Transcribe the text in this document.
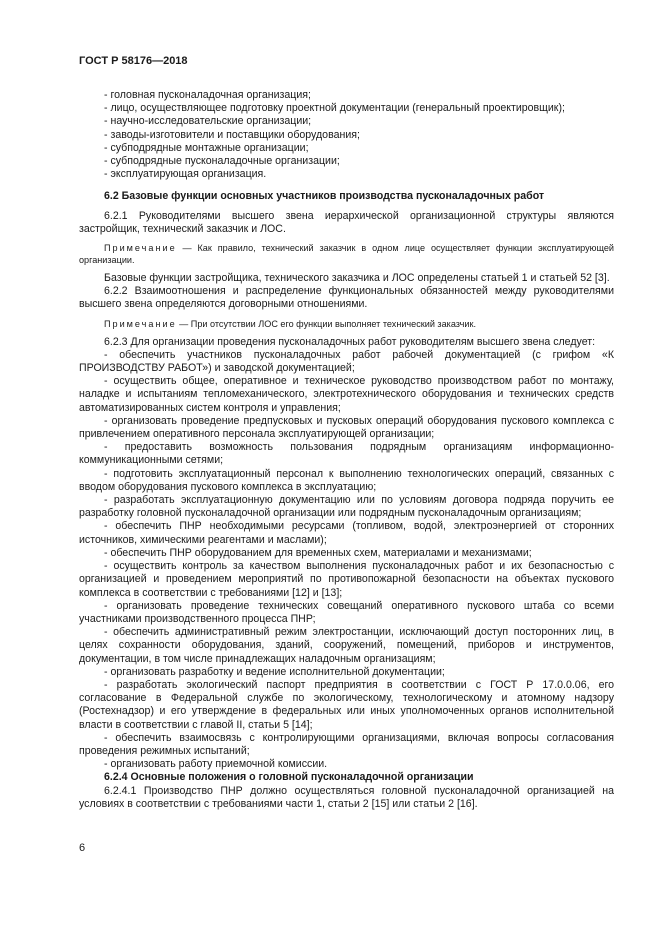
ГОСТ Р 58176—2018
- головная пусконаладочная организация;
- лицо, осуществляющее подготовку проектной документации (генеральный проектировщик);
- научно-исследовательские организации;
- заводы-изготовители и поставщики оборудования;
- субподрядные монтажные организации;
- субподрядные пусконаладочные организации;
- эксплуатирующая организация.
6.2 Базовые функции основных участников производства пусконаладочных работ
6.2.1 Руководителями высшего звена иерархической организационной структуры являются застройщик, технический заказчик и ЛОС.
Примечание — Как правило, технический заказчик в одном лице осуществляет функции эксплуатирующей организации.
Базовые функции застройщика, технического заказчика и ЛОС определены статьей 1 и статьей 52 [3].
6.2.2 Взаимоотношения и распределение функциональных обязанностей между руководителями высшего звена определяются договорными отношениями.
Примечание — При отсутствии ЛОС его функции выполняет технический заказчик.
6.2.3 Для организации проведения пусконаладочных работ руководителям высшего звена следует:
- обеспечить участников пусконаладочных работ рабочей документацией (с грифом «К ПРОИЗВОДСТВУ РАБОТ») и заводской документацией;
- осуществить общее, оперативное и техническое руководство производством работ по монтажу, наладке и испытаниям тепломеханического, электротехнического оборудования и технических средств автоматизированных систем контроля и управления;
- организовать проведение предпусковых и пусковых операций оборудования пускового комплекса с привлечением оперативного персонала эксплуатирующей организации;
- предоставить возможность пользования подрядным организациям информационно-коммуникационными сетями;
- подготовить эксплуатационный персонал к выполнению технологических операций, связанных с вводом оборудования пускового комплекса в эксплуатацию;
- разработать эксплуатационную документацию или по условиям договора подряда поручить ее разработку головной пусконаладочной организации или подрядным пусконаладочным организациям;
- обеспечить ПНР необходимыми ресурсами (топливом, водой, электроэнергией от сторонних источников, химическими реагентами и маслами);
- обеспечить ПНР оборудованием для временных схем, материалами и механизмами;
- осуществить контроль за качеством выполнения пусконаладочных работ и их безопасностью с организацией и проведением мероприятий по противопожарной безопасности на объектах пускового комплекса в соответствии с требованиями [12] и [13];
- организовать проведение технических совещаний оперативного пускового штаба со всеми участниками производственного процесса ПНР;
- обеспечить административный режим электростанции, исключающий доступ посторонних лиц, в целях сохранности оборудования, зданий, сооружений, помещений, приборов и инструментов, документации, в том числе принадлежащих наладочным организациям;
- организовать разработку и ведение исполнительной документации;
- разработать экологический паспорт предприятия в соответствии с ГОСТ Р 17.0.0.06, его согласование в Федеральной службе по экологическому, технологическому и атомному надзору (Ростехнадзор) и его утверждение в федеральных или иных уполномоченных органов исполнительной власти в соответствии с главой II, статьи 5 [14];
- обеспечить взаимосвязь с контролирующими организациями, включая вопросы согласования проведения режимных испытаний;
- организовать работу приемочной комиссии.
6.2.4 Основные положения о головной пусконаладочной организации
6.2.4.1 Производство ПНР должно осуществляться головной пусконаладочной организацией на условиях в соответствии с требованиями части 1, статьи 2 [15] или статьи 2 [16].
6
